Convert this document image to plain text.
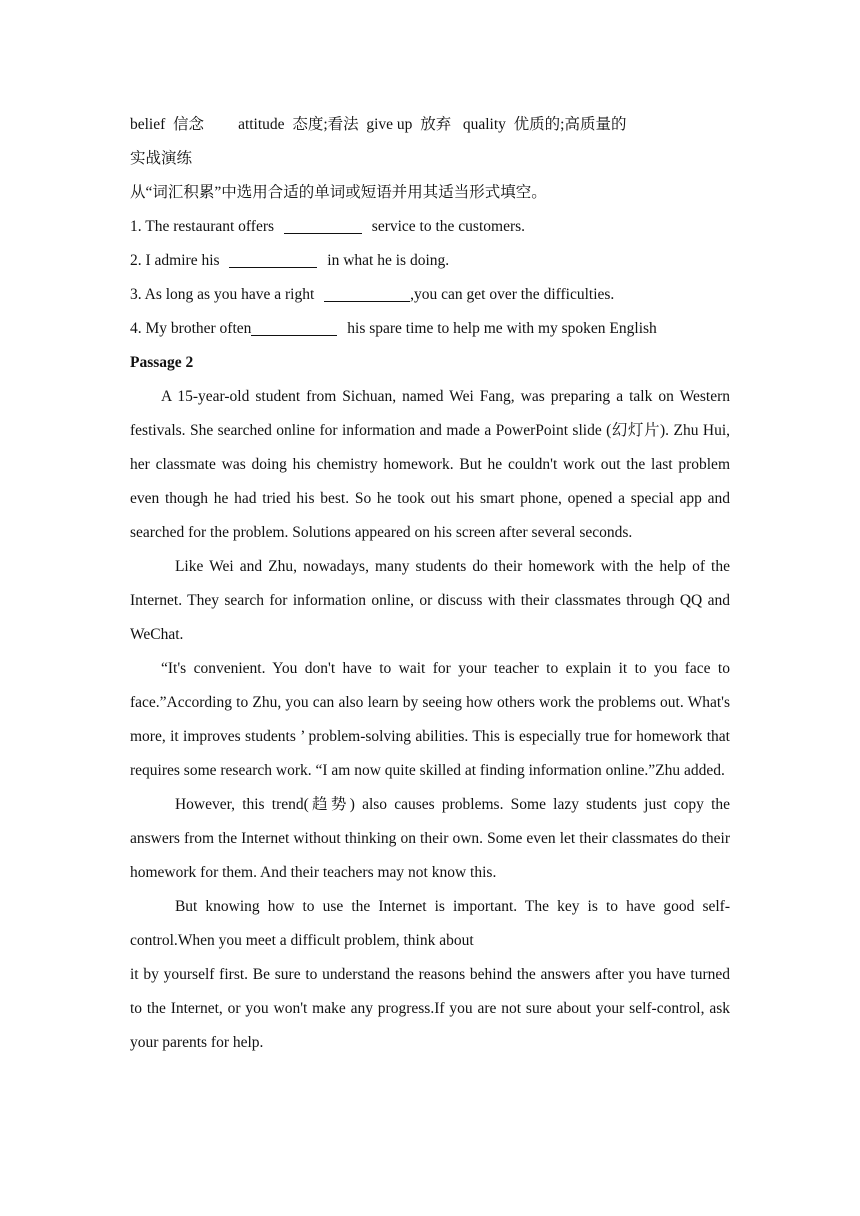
belief 信念 attitude 态度;看法 give up 放弃 quality 优质的;高质量的
实战演练
从“词汇积累”中选用合适的单词或短语并用其适当形式填空。
1. The restaurant offers	service to the customers.
2. I admire his	in what he is doing.
3. As long as you have a right	,you can get over the difficulties.
4. My brother often	his spare time to help me with my spoken English
Passage 2
A 15-year-old student from Sichuan, named Wei Fang, was preparing a talk on Western festivals. She searched online for information and made a PowerPoint slide (幻灯片). Zhu Hui, her classmate was doing his chemistry homework. But he couldn't work out the last problem even though he had tried his best. So he took out his smart phone, opened a special app and searched for the problem. Solutions appeared on his screen after several seconds.
Like Wei and Zhu, nowadays, many students do their homework with the help of the Internet. They search for information online, or discuss with their classmates through QQ and WeChat.
“It's convenient. You don't have to wait for your teacher to explain it to you face to face.”According to Zhu, you can also learn by seeing how others work the problems out. What's more, it improves students ’ problem-solving abilities. This is especially true for homework that requires some research work. “I am now quite skilled at finding information online.”Zhu added.
However, this trend(趋势) also causes problems. Some lazy students just copy the answers from the Internet without thinking on their own. Some even let their classmates do their homework for them. And their teachers may not know this.
But knowing how to use the Internet is important. The key is to have good self-control.When you meet a difficult problem, think about
it by yourself first. Be sure to understand the reasons behind the answers after you have turned to the Internet, or you won't make any progress.If you are not sure about your self-control, ask your parents for help.
